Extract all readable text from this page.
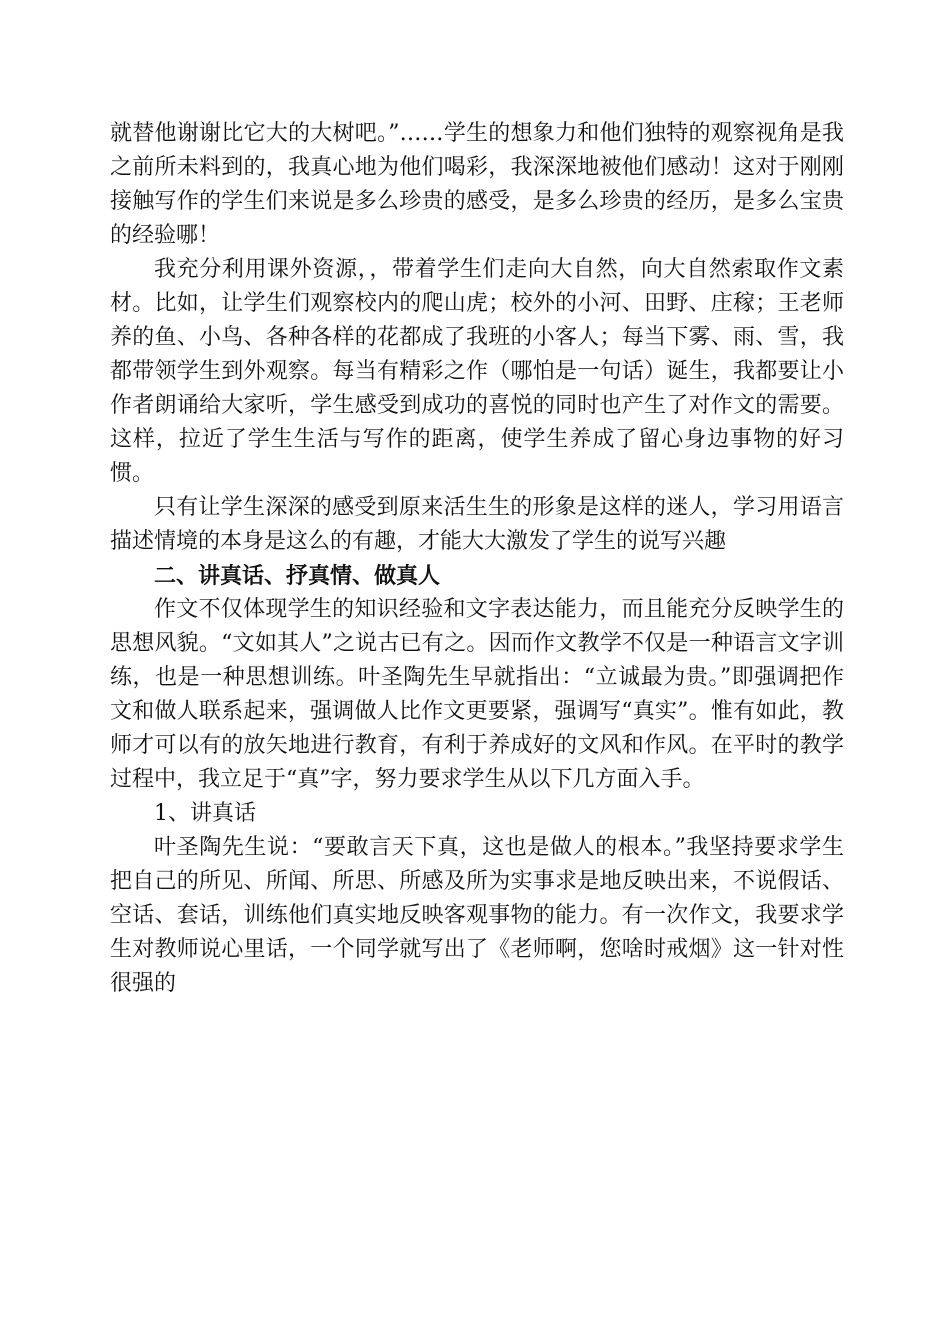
就替他谢谢比它大的大树吧。”……学生的想象力和他们独特的观察视角是我之前所未料到的，我真心地为他们喝彩，我深深地被他们感动！这对于刚刚接触写作的学生们来说是多么珍贵的感受，是多么珍贵的经历，是多么宝贵的经验哪！

我充分利用课外资源，，带着学生们走向大自然，向大自然索取作文素材。比如，让学生们观察校内的爬山虎；校外的小河、田野、庄稼；王老师养的鱼、小鸟、各种各样的花都成了我班的小客人；每当下雾、雨、雪，我都带领学生到外观察。每当有精彩之作（哪怕是一句话）诞生，我都要让小作者朗诵给大家听，学生感受到成功的喜悦的同时也产生了对作文的需要。这样，拉近了学生生活与写作的距离，使学生养成了留心身边事物的好习惯。

只有让学生深深的感受到原来活生生的形象是这样的迷人，学习用语言描述情境的本身是这么的有趣，才能大大激发了学生的说写兴趣

二、讲真话、抒真情、做真人

作文不仅体现学生的知识经验和文字表达能力，而且能充分反映学生的思想风貌。“文如其人”之说古已有之。因而作文教学不仅是一种语言文字训练，也是一种思想训练。叶圣陶先生早就指出：“立诚最为贵。”即强调把作文和做人联系起来，强调做人比作文更要紧，强调写“真实”。惟有如此，教师才可以有的放矢地进行教育，有利于养成好的文风和作风。在平时的教学过程中，我立足于“真”字，努力要求学生从以下几方面入手。

1、讲真话

叶圣陶先生说：“要敢言天下真，这也是做人的根本。”我坚持要求学生把自己的所见、所闻、所思、所感及所为实事求是地反映出来，不说假话、空话、套话，训练他们真实地反映客观事物的能力。有一次作文，我要求学生对教师说心里话，一个同学就写出了《老师啊，您啥时戒烟》这一针对性很强的
